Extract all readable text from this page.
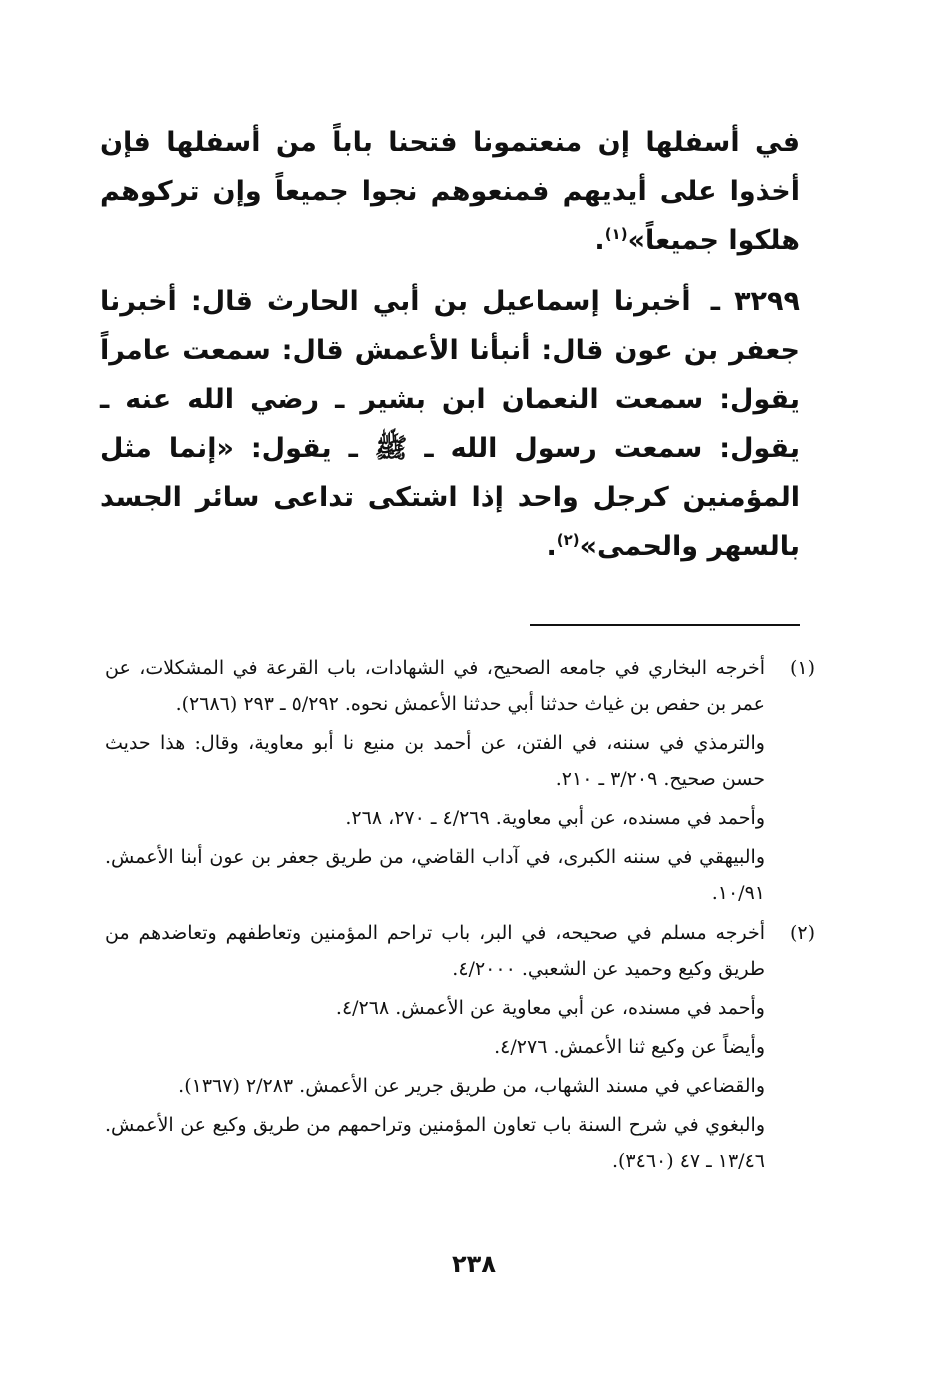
في أسفلها إن منعتمونا فتحنا باباً من أسفلها فإن أخذوا على أيديهم فمنعوهم نجوا جميعاً وإن تركوهم هلكوا جميعاً»$^{(١)}$.

٣٢٩٩ ـ أخبرنا إسماعيل بن أبي الحارث قال: أخبرنا جعفر بن عون قال: أنبأنا الأعمش قال: سمعت عامراً يقول: سمعت النعمان ابن بشير ـ رضي الله عنه ـ يقول: سمعت رسول الله ـ ﷺ ـ يقول: «إنما مثل المؤمنين كرجل واحد إذا اشتكى تداعى سائر الجسد بالسهر والحمى»$^{(٢)}$.

(١)

أخرجه البخاري في جامعه الصحيح، في الشهادات، باب القرعة في المشكلات، عن عمر بن حفص بن غياث حدثنا أبي حدثنا الأعمش نحوه. ٥/٢٩٢ ـ ٢٩٣ (٢٦٨٦).

والترمذي في سننه، في الفتن، عن أحمد بن منيع نا أبو معاوية، وقال: هذا حديث حسن صحيح. ٣/٢٠٩ ـ ٢١٠.

وأحمد في مسنده، عن أبي معاوية. ٤/٢٦٩ ـ ٢٧٠، ٢٦٨.

والبيهقي في سننه الكبرى، في آداب القاضي، من طريق جعفر بن عون أبنا الأعمش. ١٠/٩١.

(٢)

أخرجه مسلم في صحيحه، في البر، باب تراحم المؤمنين وتعاطفهم وتعاضدهم من طريق وكيع وحميد عن الشعبي. ٤/٢٠٠٠.

وأحمد في مسنده، عن أبي معاوية عن الأعمش. ٤/٢٦٨.

وأيضاً عن وكيع ثنا الأعمش. ٤/٢٧٦.

والقضاعي في مسند الشهاب، من طريق جرير عن الأعمش. ٢/٢٨٣ (١٣٦٧).

والبغوي في شرح السنة باب تعاون المؤمنين وتراحمهم من طريق وكيع عن الأعمش. ١٣/٤٦ ـ ٤٧ (٣٤٦٠).

٢٣٨
